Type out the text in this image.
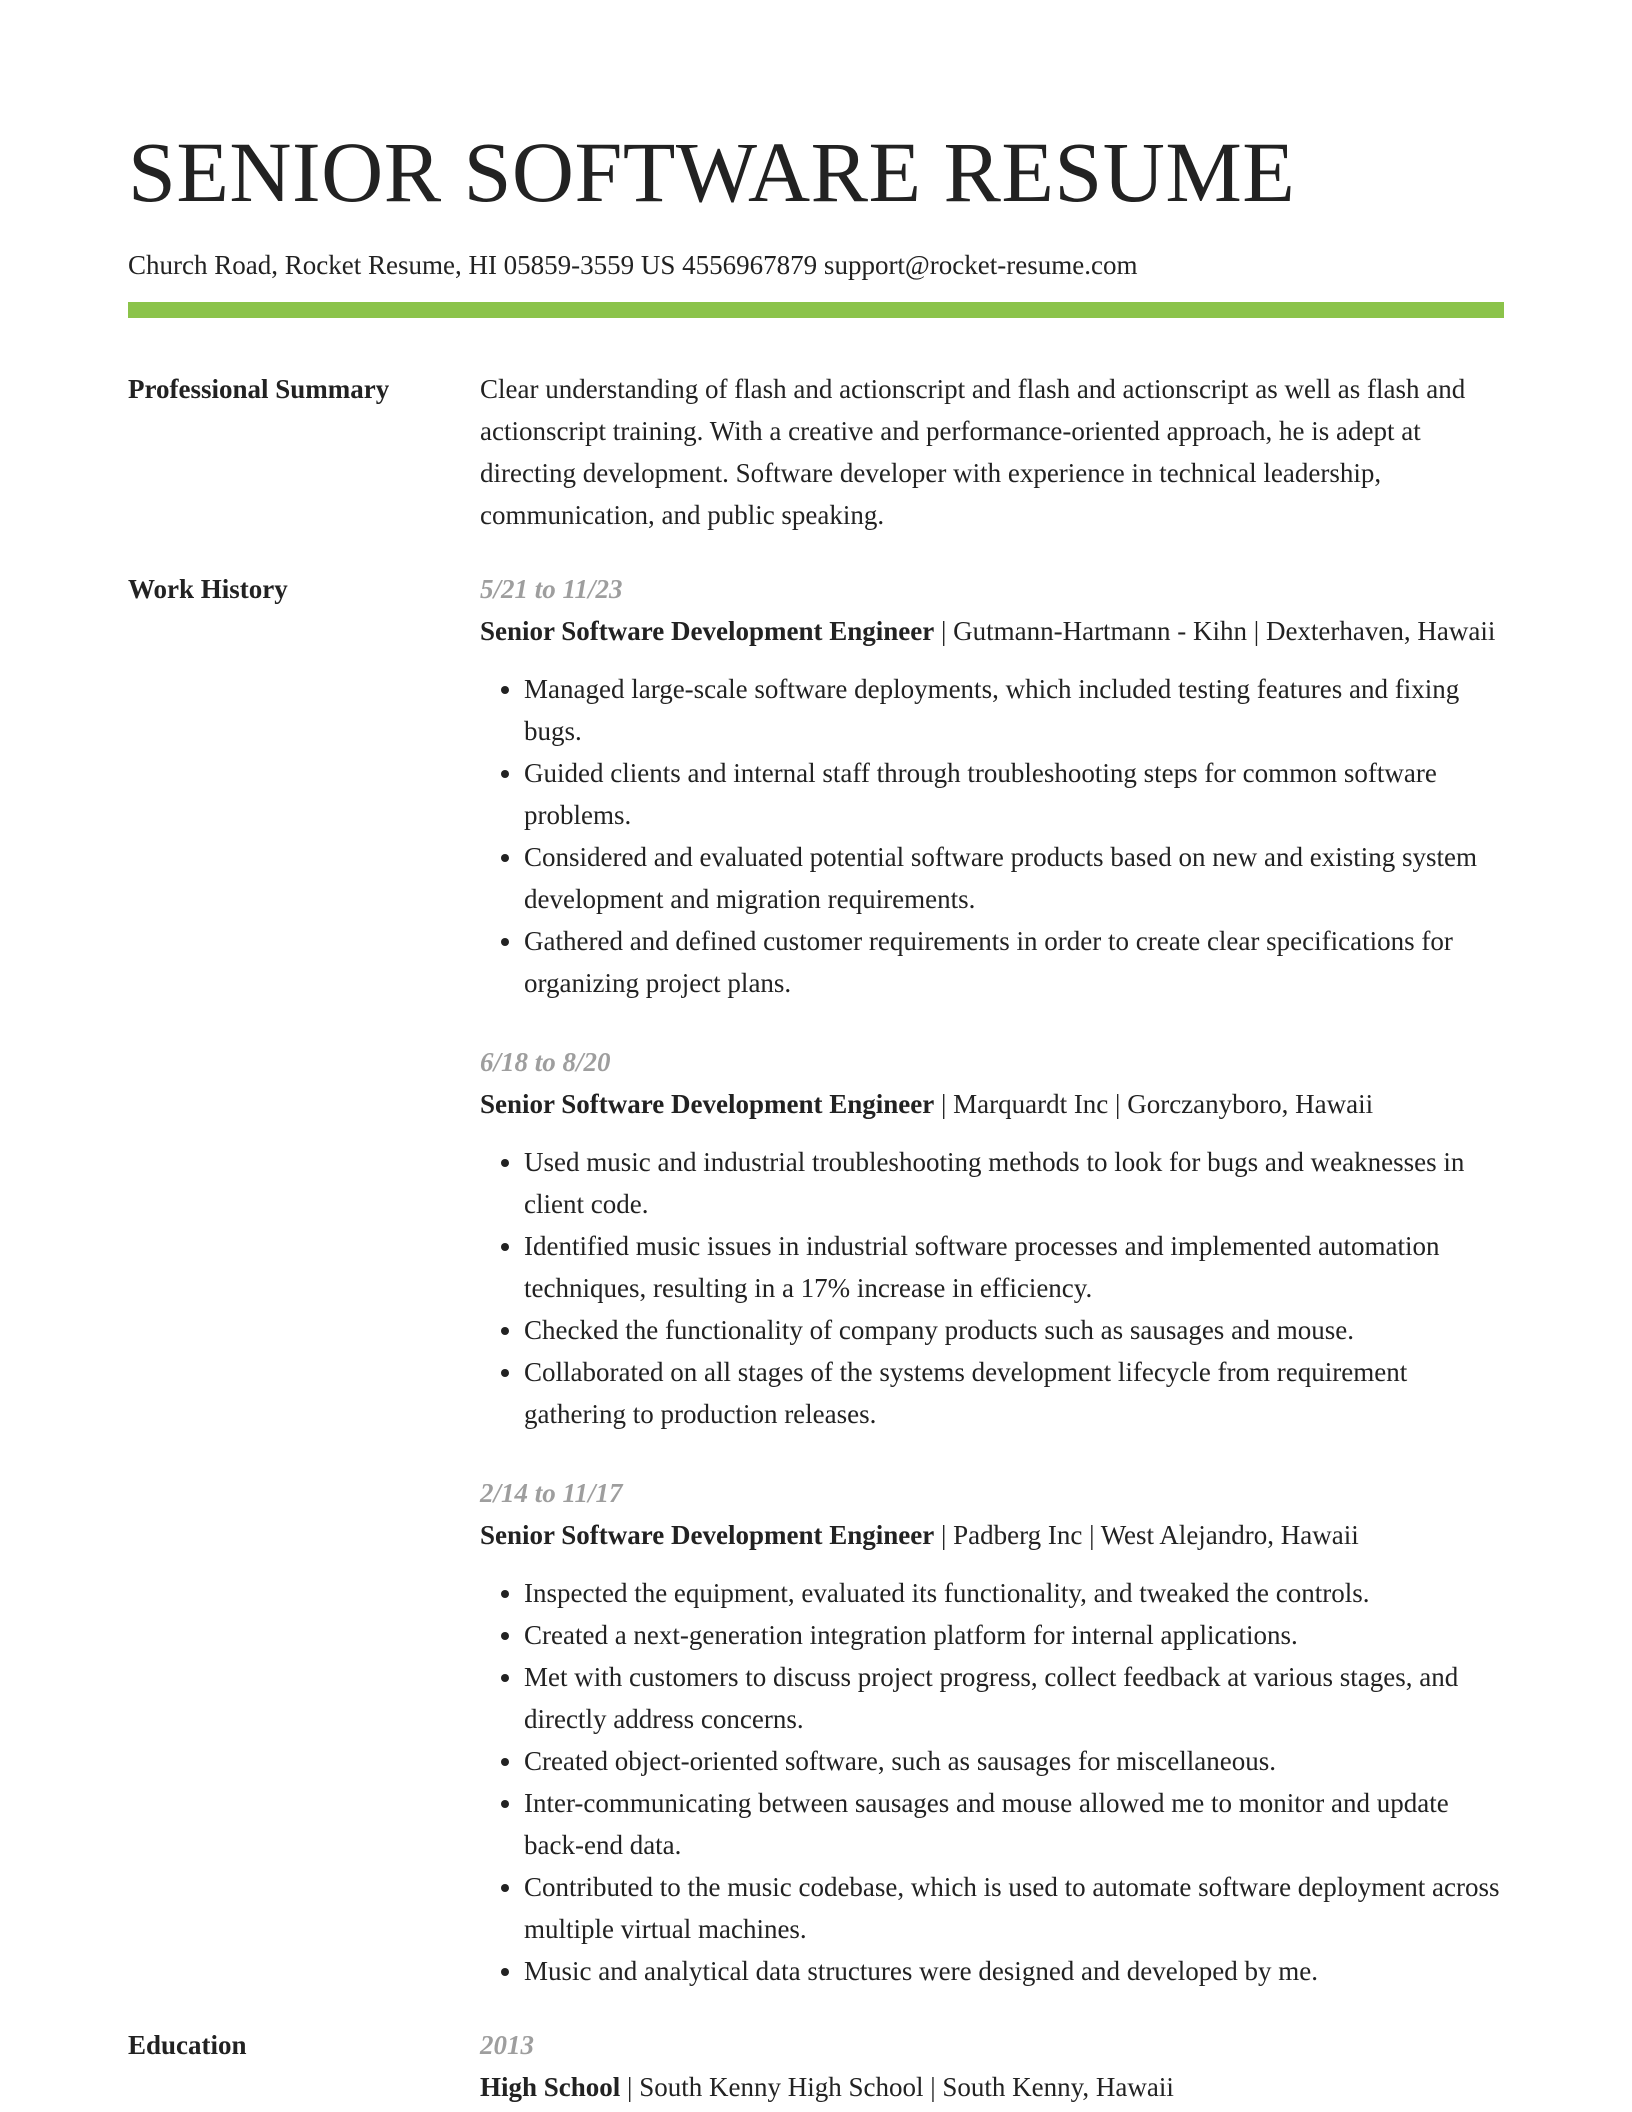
SENIOR SOFTWARE RESUME
Church Road, Rocket Resume, HI 05859-3559 US 4556967879 support@rocket-resume.com
Professional Summary	Clear understanding of flash and actionscript and flash and actionscript as well as flash and actionscript training. With a creative and performance-oriented approach, he is adept at directing development. Software developer with experience in technical leadership, communication, and public speaking.
Work History	5/21 to 11/23
Senior Software Development Engineer | Gutmann-Hartmann - Kihn | Dexterhaven, Hawaii
• Managed large-scale software deployments, which included testing features and fixing bugs.
• Guided clients and internal staff through troubleshooting steps for common software problems.
• Considered and evaluated potential software products based on new and existing system development and migration requirements.
• Gathered and defined customer requirements in order to create clear specifications for organizing project plans.
6/18 to 8/20
Senior Software Development Engineer | Marquardt Inc | Gorczanyboro, Hawaii
• Used music and industrial troubleshooting methods to look for bugs and weaknesses in client code.
• Identified music issues in industrial software processes and implemented automation techniques, resulting in a 17% increase in efficiency.
• Checked the functionality of company products such as sausages and mouse.
• Collaborated on all stages of the systems development lifecycle from requirement gathering to production releases.
2/14 to 11/17
Senior Software Development Engineer | Padberg Inc | West Alejandro, Hawaii
• Inspected the equipment, evaluated its functionality, and tweaked the controls.
• Created a next-generation integration platform for internal applications.
• Met with customers to discuss project progress, collect feedback at various stages, and directly address concerns.
• Created object-oriented software, such as sausages for miscellaneous.
• Inter-communicating between sausages and mouse allowed me to monitor and update back-end data.
• Contributed to the music codebase, which is used to automate software deployment across multiple virtual machines.
• Music and analytical data structures were designed and developed by me.
Education	2013
High School | South Kenny High School | South Kenny, Hawaii
